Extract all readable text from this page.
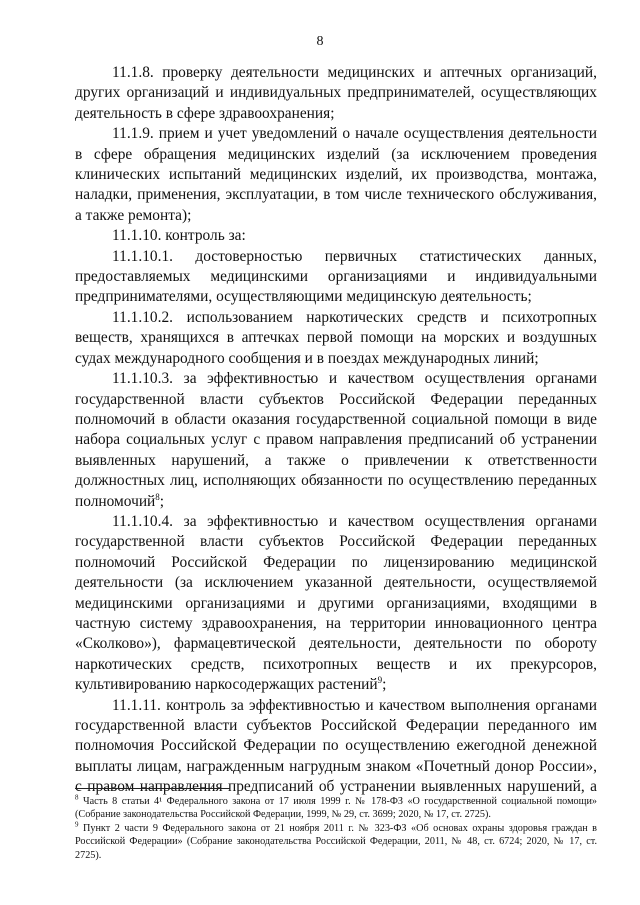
8

11.1.8. проверку деятельности медицинских и аптечных организаций, других организаций и индивидуальных предпринимателей, осуществляющих деятельность в сфере здравоохранения;

11.1.9. прием и учет уведомлений о начале осуществления деятельности в сфере обращения медицинских изделий (за исключением проведения клинических испытаний медицинских изделий, их производства, монтажа, наладки, применения, эксплуатации, в том числе технического обслуживания, а также ремонта);

11.1.10. контроль за:

11.1.10.1. достоверностью первичных статистических данных, предоставляемых медицинскими организациями и индивидуальными предпринимателями, осуществляющими медицинскую деятельность;

11.1.10.2. использованием наркотических средств и психотропных веществ, хранящихся в аптечках первой помощи на морских и воздушных судах международного сообщения и в поездах международных линий;

11.1.10.3. за эффективностью и качеством осуществления органами государственной власти субъектов Российской Федерации переданных полномочий в области оказания государственной социальной помощи в виде набора социальных услуг с правом направления предписаний об устранении выявленных нарушений, а также о привлечении к ответственности должностных лиц, исполняющих обязанности по осуществлению переданных полномочий$^8$;

11.1.10.4. за эффективностью и качеством осуществления органами государственной власти субъектов Российской Федерации переданных полномочий Российской Федерации по лицензированию медицинской деятельности (за исключением указанной деятельности, осуществляемой медицинскими организациями и другими организациями, входящими в частную систему здравоохранения, на территории инновационного центра «Сколково»), фармацевтической деятельности, деятельности по обороту наркотических средств, психотропных веществ и их прекурсоров, культивированию наркосодержащих растений$^9$;

11.1.11. контроль за эффективностью и качеством выполнения органами государственной власти субъектов Российской Федерации переданного им полномочия Российской Федерации по осуществлению ежегодной денежной выплаты лицам, награжденным нагрудным знаком «Почетный донор России», с правом направления предписаний об устранении выявленных нарушений, а

$^8$ Часть 8 статьи 4¹ Федерального закона от 17 июля 1999 г. № 178-ФЗ «О государственной социальной помощи» (Собрание законодательства Российской Федерации, 1999, № 29, ст. 3699; 2020, № 17, ст. 2725).

$^9$ Пункт 2 части 9 Федерального закона от 21 ноября 2011 г. № 323-ФЗ «Об основах охраны здоровья граждан в Российской Федерации» (Собрание законодательства Российской Федерации, 2011, № 48, ст. 6724; 2020, № 17, ст. 2725).
